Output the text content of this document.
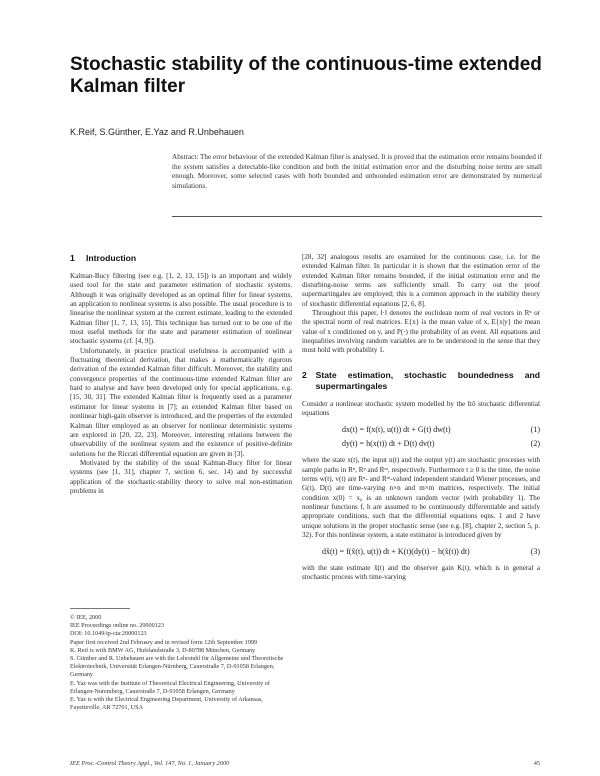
Stochastic stability of the continuous-time extended Kalman filter
K.Reif, S.Günther, E.Yaz and R.Unbehauen
Abstract: The error behaviour of the extended Kalman filter is analysed. It is proved that the estimation error remains bounded if the system satisfies a detectable-like condition and both the initial estimation error and the disturbing noise terms are small enough. Moreover, some selected cases with both bounded and unbounded estimation error are demonstrated by numerical simulations.
1 Introduction

Kalman-Bucy filtering (see e.g. [1, 2, 13, 15]) is an important and widely used tool for the state and parameter estimation of stochastic systems. Although it was originally developed as an optimal filter for linear systems, an application to nonlinear systems is also possible. The usual procedure is to linearise the nonlinear system at the current estimate, leading to the extended Kalman filter [1, 7, 13, 15]. This technique has turned out to be one of the most useful methods for the state and parameter estimation of nonlinear stochastic systems (cf. [4, 9]).

Unfortunately, in practice practical usefulness is accompanied with a fluctuating theoretical derivation, that makes a mathematically rigorous derivation of the extended Kalman filter difficult. Moreover, the stability and convergence properties of the continuous-time extended Kalman filter are hard to analyse and have been developed only for special applications, e.g. [15, 30, 31]. The extended Kalman filter is frequently used as a parameter estimator for linear systems in [7]; an extended Kalman filter based on nonlinear high-gain observer is introduced, and the properties of the extended Kalman filter employed as an observer for nonlinear deterministic systems are explored in [20, 22, 23]. Moreover, interesting relations between the observability of the nonlinear system and the existence of positive-definite solutions for the Riccati differential equation are given in [3].

Motivated by the stability of the usual Kalman-Bucy filter for linear systems (see [1, 31], chapter 7, section 6, sec. 14) and by successful application of the stochastic-stability theory to solve real non-estimation problems in

© IEE, 2000
IEE Proceedings online no. 20000123
DOI: 10.1049/ip-cta:20000123
Paper first received 2nd February and in revised form 12th September 1999
K. Reif is with BMW AG, Hufelandstraße 3, D-80788 München, Germany
S. Günther and R. Unbehauen are with the Lehrstuhl für Allgemeine und Theoretische Elektrotechnik, Universität Erlangen-Nürnberg, Cauerstraße 7, D-91058 Erlangen, Germany
E. Yaz was with the Institute of Theoretical Electrical Engineering, University of Erlangen-Nuremberg, Cauerstraße 7, D-91058 Erlangen, Germany
E. Yaz is with the Electrical Engineering Department, University of Arkansas, Fayetteville, AR 72701, USA

[28, 32] analogous results are examined for the continuous case, i.e. for the extended Kalman filter. In particular it is shown that the estimation error of the extended Kalman filter remains bounded, if the initial estimation error and the disturbing-noise terms are sufficiently small. To carry out the proof supermartingales are employed; this is a common approach in the stability theory of stochastic differential equations [2, 6, 8].

Throughout this paper, ‖·‖ denotes the euclidean norm of real vectors in Rⁿ or the spectral norm of real matrices. E{x} is the mean value of x, E{x|y} the mean value of x conditioned on y, and P(·) the probability of an event. All equations and inequalities involving random variables are to be understood in the sense that they must hold with probability 1.

2	State estimation, stochastic boundedness and supermartingales

Consider a nonlinear stochastic system modelled by the Itô stochastic differential equations

dx(t) = f(x(t), u(t)) dt + G(t) dw(t)	(1)
dy(t) = h(x(t)) dt + D(t) dv(t)	(2)

where the state x(t), the input u(t) and the output y(t) are stochastic processes with sample paths in Rⁿ, Rᵖ and Rᵐ, respectively. Furthermore t ≥ 0 is the time, the noise terms w(t), v(t) are Rⁿ- and Rᵐ-valued independent standard Wiener processes, and G(t), D(t) are time-varying n×n and m×m matrices, respectively. The initial condition x(0) = x₀ is an unknown random vector (with probability 1). The nonlinear functions f, h are assumed to be continuously differentiable and satisfy appropriate conditions, such that the differential equations eqns. 1 and 2 have unique solutions in the proper stochastic sense (see e.g. [8], chapter 2, section 5, p. 32). For this nonlinear system, a state estimator is introduced given by

dx̂(t) = f(x̂(t), u(t)) dt + K(t)(dy(t) − h(x̂(t)) dt)	(3)

with the state estimate x̂(t) and the observer gain K(t), which is in general a stochastic process with time-varying

IEE Proc.-Control Theory Appl., Vol. 147, No. 1, January 2000	45
